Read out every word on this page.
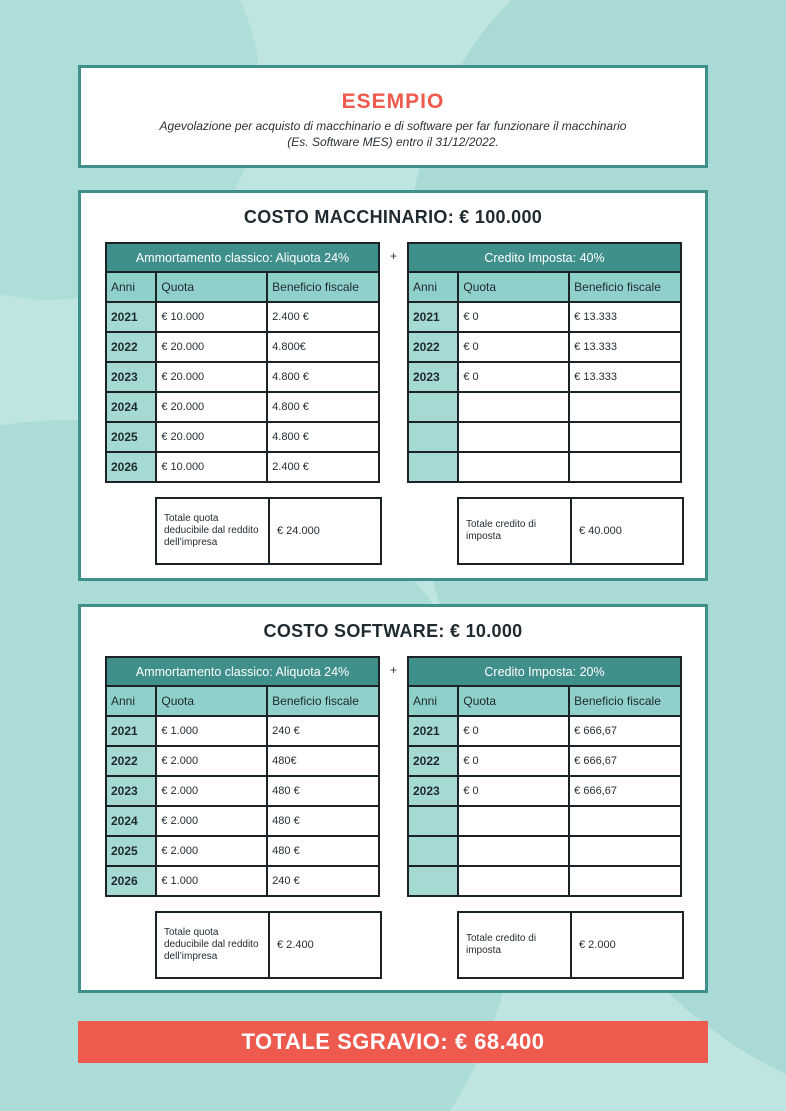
ESEMPIO
Agevolazione per acquisto di macchinario e di software per far funzionare il macchinario
(Es. Software MES) entro il 31/12/2022.
COSTO MACCHINARIO: € 100.000
Ammortamento classico: Aliquota 24%		
Anni	Quota	Beneficio fiscale
2021	€ 10.000	2.400 €
2022	€ 20.000	4.800€
2023	€ 20.000	4.800 €
2024	€ 20.000	4.800 €
2025	€ 20.000	4.800 €
2026	€ 10.000	2.400 €
+	Credito Imposta: 40%		
Anni	Quota	Beneficio fiscale
2021	€ 0	€ 13.333
2022	€ 0	€ 13.333
2023	€ 0	€ 13.333

Totale quota deducibile dal reddito dell’impresa	€ 24.000
Totale credito di imposta	€ 40.000
COSTO SOFTWARE: € 10.000
Ammortamento classico: Aliquota 24%		
Anni	Quota	Beneficio fiscale
2021	€ 1.000	240 €
2022	€ 2.000	480€
2023	€ 2.000	480 €
2024	€ 2.000	480 €
2025	€ 2.000	480 €
2026	€ 1.000	240 €
+	Credito Imposta: 20%		
Anni	Quota	Beneficio fiscale
2021	€ 0	€ 666,67
2022	€ 0	€ 666,67
2023	€ 0	€ 666,67

Totale quota deducibile dal reddito dell’impresa	€ 2.400
Totale credito di imposta	€ 2.000
TOTALE SGRAVIO: € 68.400
